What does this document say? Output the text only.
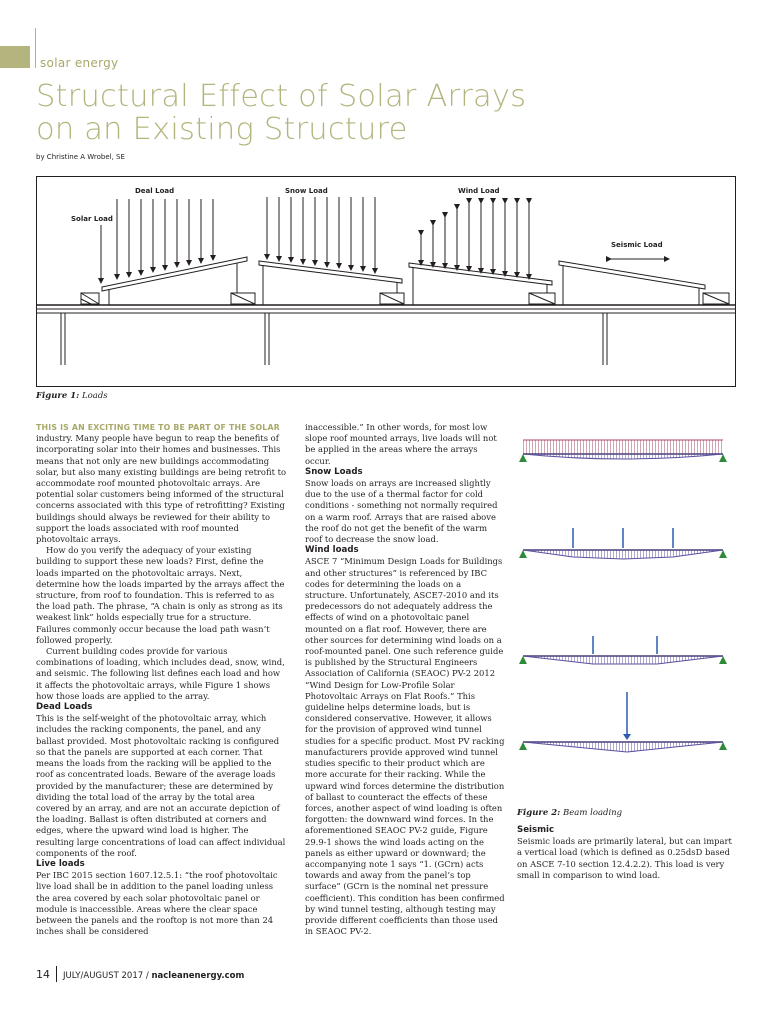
solar energy
Structural Effect of Solar Arrays
on an Existing Structure
by Christine A Wrobel, SE
Solar Load
Deal Load	Snow Load	Wind Load
Seismic Load
Figure 1: Loads

THIS IS AN EXCITING TIME TO BE PART OF THE SOLAR industry. Many people have begun to reap the benefits of incorporating solar into their homes and businesses. This means that not only are new buildings accommodating solar, but also many existing buildings are being retrofit to accommodate roof mounted photovoltaic arrays. Are potential solar customers being informed of the structural concerns associated with this type of retrofitting? Existing buildings should always be reviewed for their ability to support the loads associated with roof mounted photovoltaic arrays.

How do you verify the adequacy of your existing building to support these new loads? First, define the loads imparted on the photovoltaic arrays. Next, determine how the loads imparted by the arrays affect the structure, from roof to foundation. This is referred to as the load path. The phrase, “A chain is only as strong as its weakest link” holds especially true for a structure. Failures commonly occur because the load path wasn’t followed properly.

Current building codes provide for various combinations of loading, which includes dead, snow, wind, and seismic. The following list defines each load and how it affects the photovoltaic arrays, while Figure 1 shows how those loads are applied to the array.

Dead Loads

This is the self-weight of the photovoltaic array, which includes the racking components, the panel, and any ballast provided. Most photovoltaic racking is configured so that the panels are supported at each corner. That means the loads from the racking will be applied to the roof as concentrated loads. Beware of the average loads provided by the manufacturer; these are determined by dividing the total load of the array by the total area covered by an array, and are not an accurate depiction of the loading. Ballast is often distributed at corners and edges, where the upward wind load is higher. The resulting large concentrations of load can affect individual components of the roof.

Live loads

Per IBC 2015 section 1607.12.5.1: “the roof photovoltaic live load shall be in addition to the panel loading unless the area covered by each solar photovoltaic panel or module is inaccessible. Areas where the clear space between the panels and the rooftop is not more than 24 inches shall be considered

inaccessible.” In other words, for most low slope roof mounted arrays, live loads will not be applied in the areas where the arrays occur.

Snow Loads

Snow loads on arrays are increased slightly due to the use of a thermal factor for cold conditions - something not normally required on a warm roof. Arrays that are raised above the roof do not get the benefit of the warm roof to decrease the snow load.

Wind loads

ASCE 7 “Minimum Design Loads for Buildings and other structures” is referenced by IBC codes for determining the loads on a structure. Unfortunately, ASCE7-2010 and its predecessors do not adequately address the effects of wind on a photovoltaic panel mounted on a flat roof. However, there are other sources for determining wind loads on a roof-mounted panel. One such reference guide is published by the Structural Engineers Association of California (SEAOC) PV-2 2012 “Wind Design for Low-Profile Solar Photovoltaic Arrays on Flat Roofs.” This guideline helps determine loads, but is considered conservative. However, it allows for the provision of approved wind tunnel studies for a specific product. Most PV racking manufacturers provide approved wind tunnel studies specific to their product which are more accurate for their racking. While the upward wind forces determine the distribution of ballast to counteract the effects of these forces, another aspect of wind loading is often forgotten: the downward wind forces. In the aforementioned SEAOC PV-2 guide, Figure 29.9-1 shows the wind loads acting on the panels as either upward or downward; the accompanying note 1 says “1. (GCrn) acts towards and away from the panel’s top surface” (GCrn is the nominal net pressure coefficient). This condition has been confirmed by wind tunnel testing, although testing may provide different coefficients than those used in SEAOC PV-2.

Figure 2: Beam loading

Seismic

Seismic loads are primarily lateral, but can impart a vertical load (which is defined as 0.25dsD based on ASCE 7-10 section 12.4.2.2). This load is very small in comparison to wind load.

14 JULY/AUGUST 2017 / nacleanenergy.com
